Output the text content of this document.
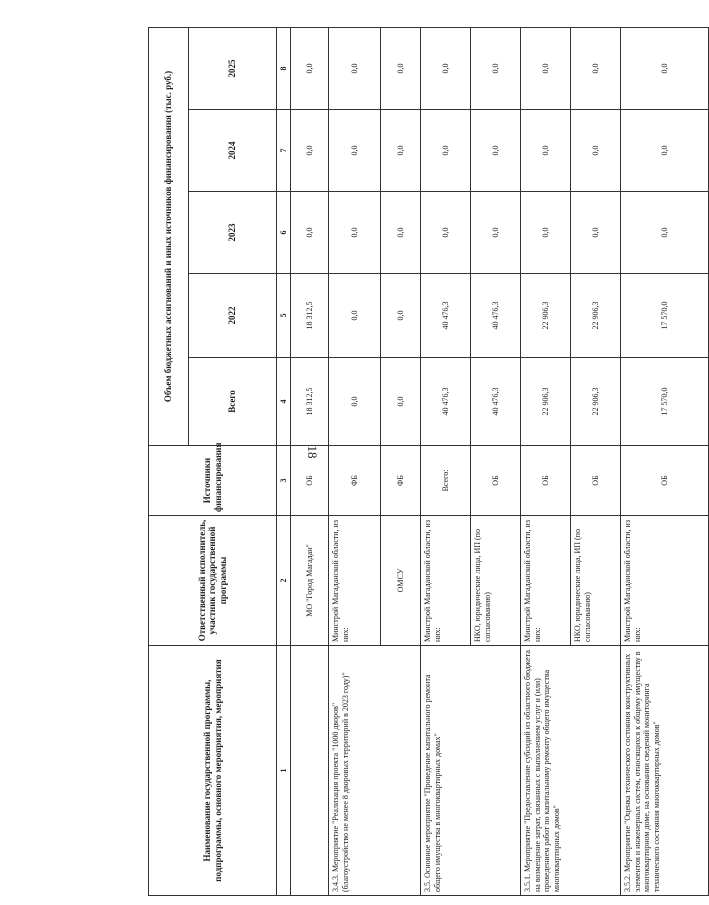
18
Наименование государственной программы, подпрограммы, основного мероприятия, мероприятия	Ответственный исполнитель, участник государственной программы	Источники финансирования	Объем бюджетных ассигнований и иных источников финансирования (тыс. руб.)				
			Всего	2022	2023	2024	2025
1	2	3	4	5	6	7	8
	МО "Город Магадан"	ОБ	18 312,5	18 312,5	0,0	0,0	0,0
3.4.3. Мероприятие "Реализация проекта "1000 дворов" (благоустройство не менее 8 дворовых территорий в 2023 году)"	Минстрой Магаданской области, из них:	ФБ	0,0	0,0	0,0	0,0	0,0
	ОМСУ	ФБ	0,0	0,0	0,0	0,0	0,0
3.5. Основное мероприятие "Проведение капитального ремонта общего имущества в многоквартирных домах"	Минстрой Магаданской области, из них:	Всего:	40 476,3	40 476,3	0,0	0,0	0,0
	НКО, юридические лица, ИП (по согласованию)	ОБ	40 476,3	40 476,3	0,0	0,0	0,0
3.5.1. Мероприятие "Предоставление субсидий из областного бюджета на возмещение затрат, связанных с выполнением услуг и (или) проведением работ по капитальному ремонту общего имущества многоквартирных домов"	Минстрой Магаданской области, из них:	ОБ	22 906,3	22 906,3	0,0	0,0	0,0
	НКО, юридические лица, ИП (по согласованию)	ОБ	22 906,3	22 906,3	0,0	0,0	0,0
3.5.2. Мероприятие "Оценка технического состояния конструктивных элементов и инженерных систем, относящихся к общему имуществу в многоквартирном доме, на основании сведений мониторинга технического состояния многоквартирных домов"	Минстрой Магаданской области, из них:	ОБ	17 570,0	17 570,0	0,0	0,0	0,0
